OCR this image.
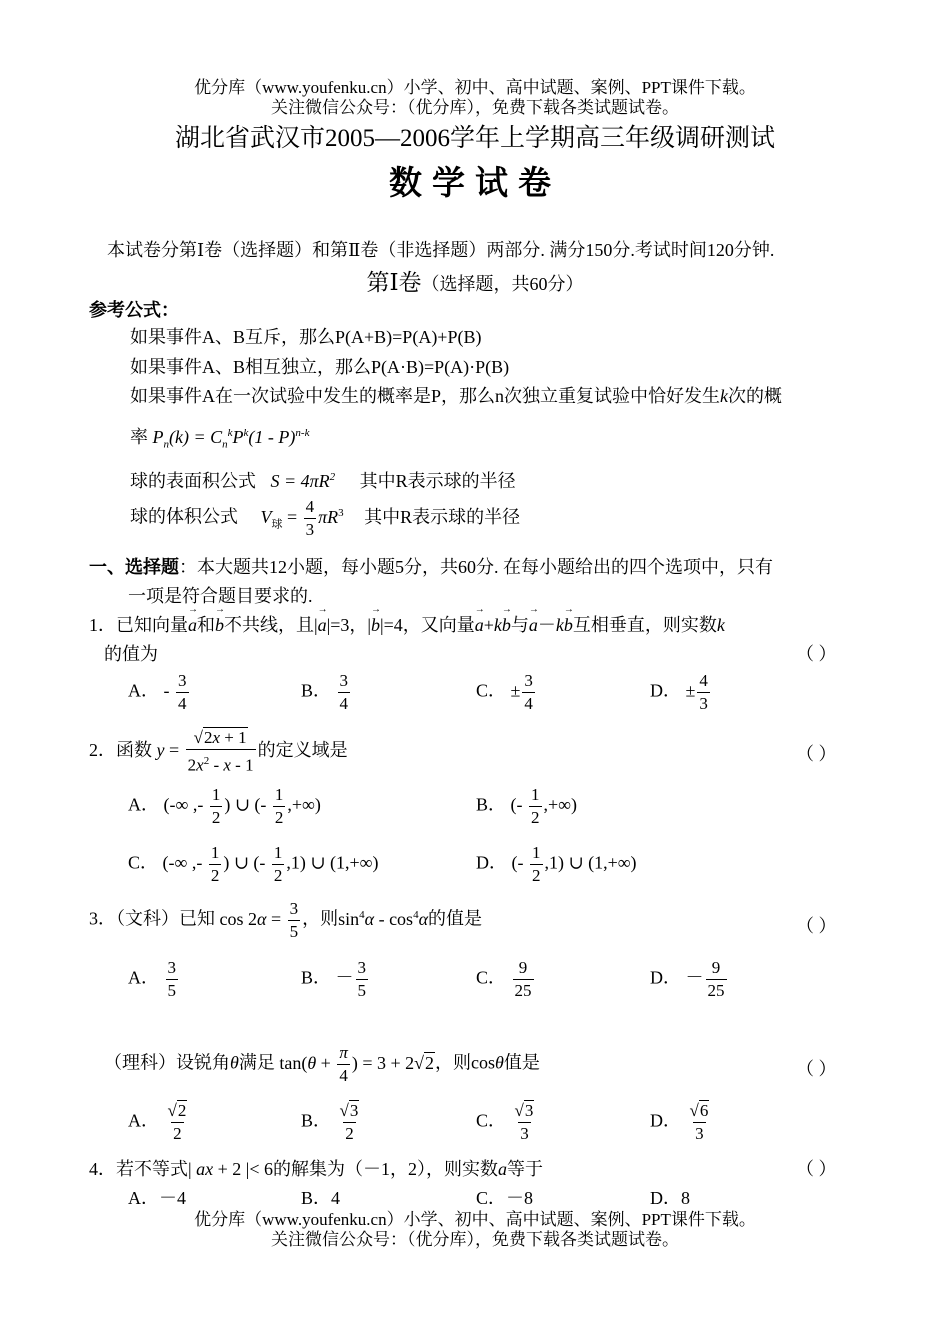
优分库（www.youfenku.cn）小学、初中、高中试题、案例、PPT课件下载。
关注微信公众号：（优分库），免费下载各类试题试卷。
湖北省武汉市2005—2006学年上学期高三年级调研测试
数学试卷
本试卷分第Ⅰ卷（选择题）和第Ⅱ卷（非选择题）两部分. 满分150分.考试时间120分钟.
第Ⅰ卷（选择题，共60分）
参考公式：
如果事件A、B互斥，那么P(A+B)=P(A)+P(B)
如果事件A、B相互独立，那么P(A·B)=P(A)·P(B)
如果事件A在一次试验中发生的概率是P，那么n次独立重复试验中恰好发生k次的概
率 $P_n(k) = C_n^kP^k(1 - P)^{n-k}$
球的表面积公式 $S = 4\pi R^2$ 其中R表示球的半径
球的体积公式 $V_球 = \frac{4}{3} \pi R^3$ 其中R表示球的半径
一、选择题：本大题共12小题，每小题5分，共60分. 在每小题给出的四个选项中，只有
一项是符合题目要求的.
1．已知向量→ a和→ b不共线，且|→ a|=3，|→ b|=4，又向量→ a+k→ b与→ a－k→ b互相垂直，则实数k
的值为	（ ）
A． - $\frac{3}{4}$	B． $\frac{3}{4}$	C． ± $\frac{3}{4}$	D． ± $\frac{4}{3}$
2．函数 $y = \frac{√2x + 1}{2x^2 - x - 1}$ 的定义域是	（ ）
A． (-∞ ,- $\frac{1}{2}$ ) ∪ (- $\frac{1}{2}$ ,+∞)	B． (- $\frac{1}{2}$ ,+∞)
C． (-∞ ,- $\frac{1}{2}$ ) ∪ (- $\frac{1}{2} ,1$) ∪ (1,+∞)	D． (- $\frac{1}{2} ,1$) ∪ (1,+∞)
3．（文科）已知 $\cos 2\alpha = \frac{3}{5}$ ，则$\sin^4\alpha - \cos^4\alpha$的值是	（ ）
A． $\frac{3}{5}$	B． － $\frac{3}{5}$	C． $\frac{9}{25}$	D． － $\frac{9}{25}$
（理科）设锐角θ满足 $\tan(\theta + \frac{\pi}{4}$ ) = 3 + 2√2，则cosθ值是	（ ）
A． $\frac{√2}{2}$	B． $\frac{√3}{2}$	C． $\frac{√3}{3}$	D． $\frac{√6}{3}$
4．若不等式| ax + 2 |< 6的解集为（－1，2），则实数a等于	（ ）
A．－4	B．4	C．－8	D．8
优分库（www.youfenku.cn）小学、初中、高中试题、案例、PPT课件下载。
关注微信公众号：（优分库），免费下载各类试题试卷。
